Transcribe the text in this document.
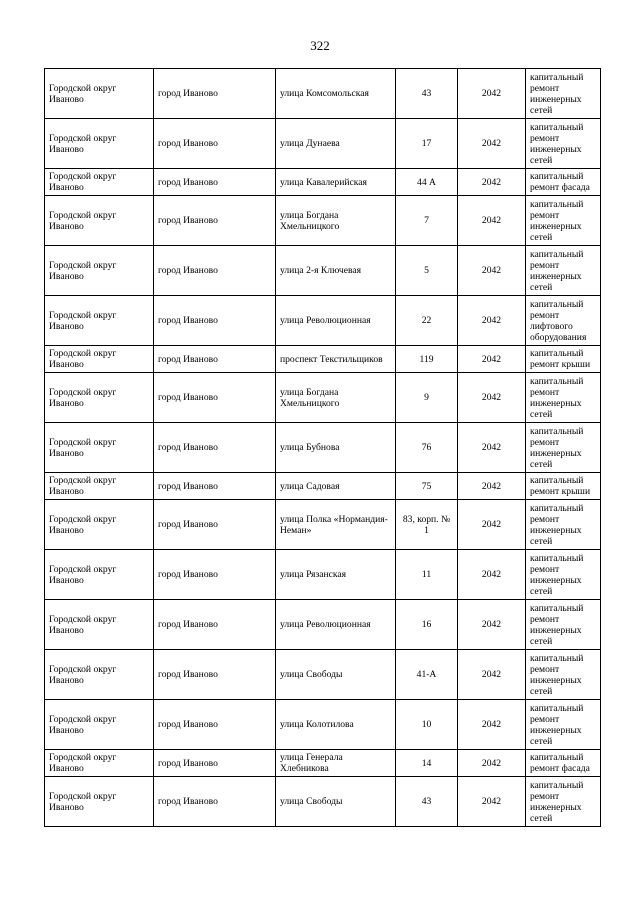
322
Городской округ Иваново	город Иваново	улица Комсомольская	43	2042	капитальный ремонт инженерных сетей
Городской округ Иваново	город Иваново	улица Дунаева	17	2042	капитальный ремонт инженерных сетей
Городской округ Иваново	город Иваново	улица Кавалерийская	44 А	2042	капитальный ремонт фасада
Городской округ Иваново	город Иваново	улица Богдана Хмельницкого	7	2042	капитальный ремонт инженерных сетей
Городской округ Иваново	город Иваново	улица 2-я Ключевая	5	2042	капитальный ремонт инженерных сетей
Городской округ Иваново	город Иваново	улица Революционная	22	2042	капитальный ремонт лифтового оборудования
Городской округ Иваново	город Иваново	проспект Текстильщиков	119	2042	капитальный ремонт крыши
Городской округ Иваново	город Иваново	улица Богдана Хмельницкого	9	2042	капитальный ремонт инженерных сетей
Городской округ Иваново	город Иваново	улица Бубнова	76	2042	капитальный ремонт инженерных сетей
Городской округ Иваново	город Иваново	улица Садовая	75	2042	капитальный ремонт крыши
Городской округ Иваново	город Иваново	улица Полка «Нормандия-Неман»	83, корп. № 1	2042	капитальный ремонт инженерных сетей
Городской округ Иваново	город Иваново	улица Рязанская	11	2042	капитальный ремонт инженерных сетей
Городской округ Иваново	город Иваново	улица Революционная	16	2042	капитальный ремонт инженерных сетей
Городской округ Иваново	город Иваново	улица Свободы	41-А	2042	капитальный ремонт инженерных сетей
Городской округ Иваново	город Иваново	улица Колотилова	10	2042	капитальный ремонт инженерных сетей
Городской округ Иваново	город Иваново	улица Генерала Хлебникова	14	2042	капитальный ремонт фасада
Городской округ Иваново	город Иваново	улица Свободы	43	2042	капитальный ремонт инженерных сетей
